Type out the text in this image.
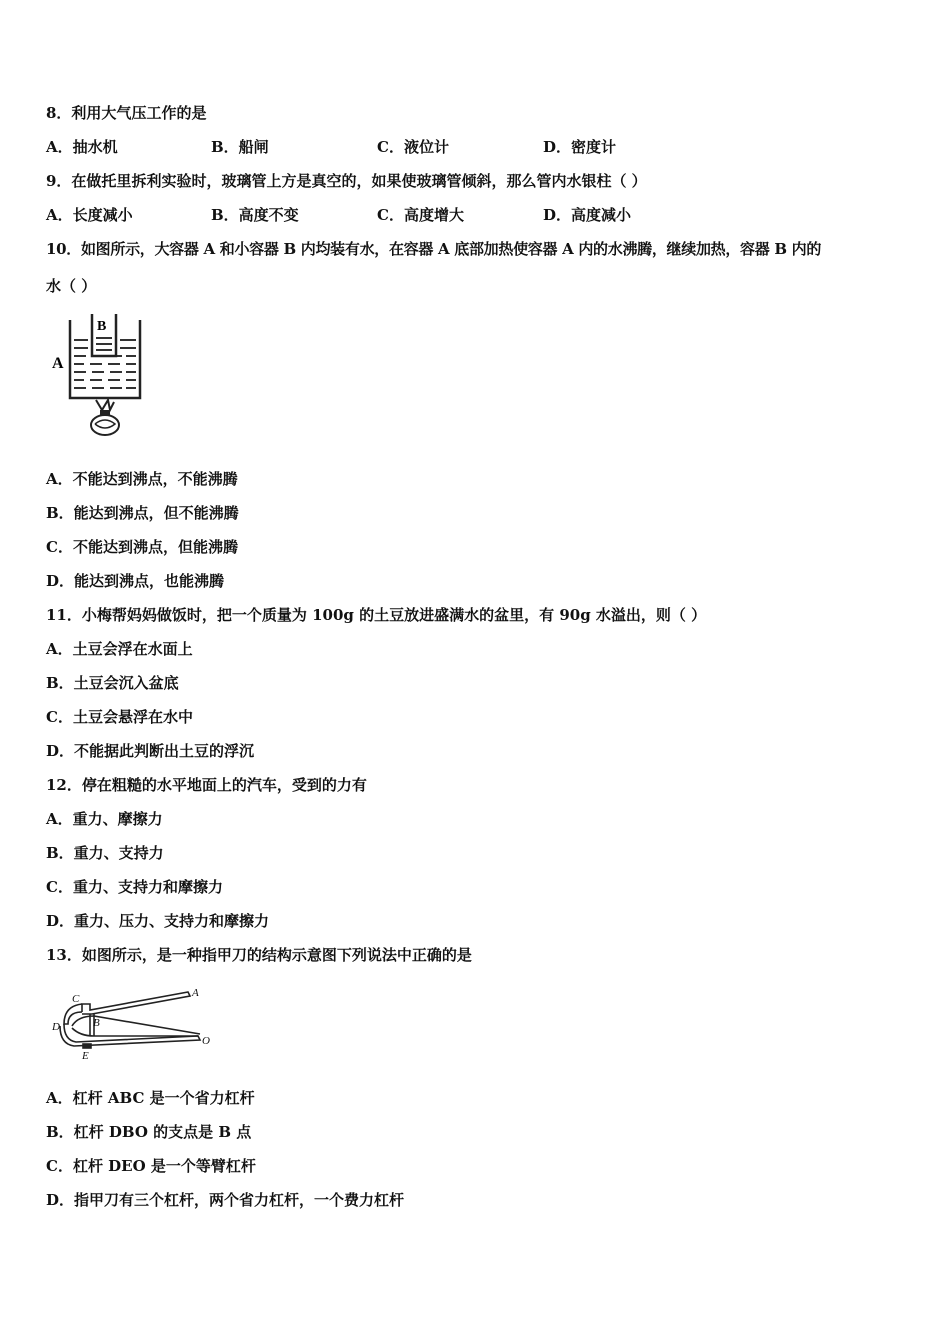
8．利用大气压工作的是
A．抽水机	B．船闸	C．液位计	D．密度计
9．在做托里拆利实验时，玻璃管上方是真空的，如果使玻璃管倾斜，那么管内水银柱（ ）
A．长度减小	B．高度不变	C．高度增大	D．高度减小
10．如图所示，大容器 A 和小容器 B 内均装有水，在容器 A 底部加热使容器 A 内的水沸腾，继续加热，容器 B 内的
水（ ）
A
B
A．不能达到沸点，不能沸腾
B．能达到沸点，但不能沸腾
C．不能达到沸点，但能沸腾
D．能达到沸点，也能沸腾
11．小梅帮妈妈做饭时，把一个质量为 100g 的土豆放进盛满水的盆里，有 90g 水溢出，则（ ）
A．土豆会浮在水面上
B．土豆会沉入盆底
C．土豆会悬浮在水中
D．不能据此判断出土豆的浮沉
12．停在粗糙的水平地面上的汽车，受到的力有
A．重力、摩擦力
B．重力、支持力
C．重力、支持力和摩擦力
D．重力、压力、支持力和摩擦力
13．如图所示，是一种指甲刀的结构示意图下列说法中正确的是
A
B
C
D
E
O
A．杠杆 ABC 是一个省力杠杆
B．杠杆 DBO 的支点是 B 点
C．杠杆 DEO 是一个等臂杠杆
D．指甲刀有三个杠杆，两个省力杠杆，一个费力杠杆
